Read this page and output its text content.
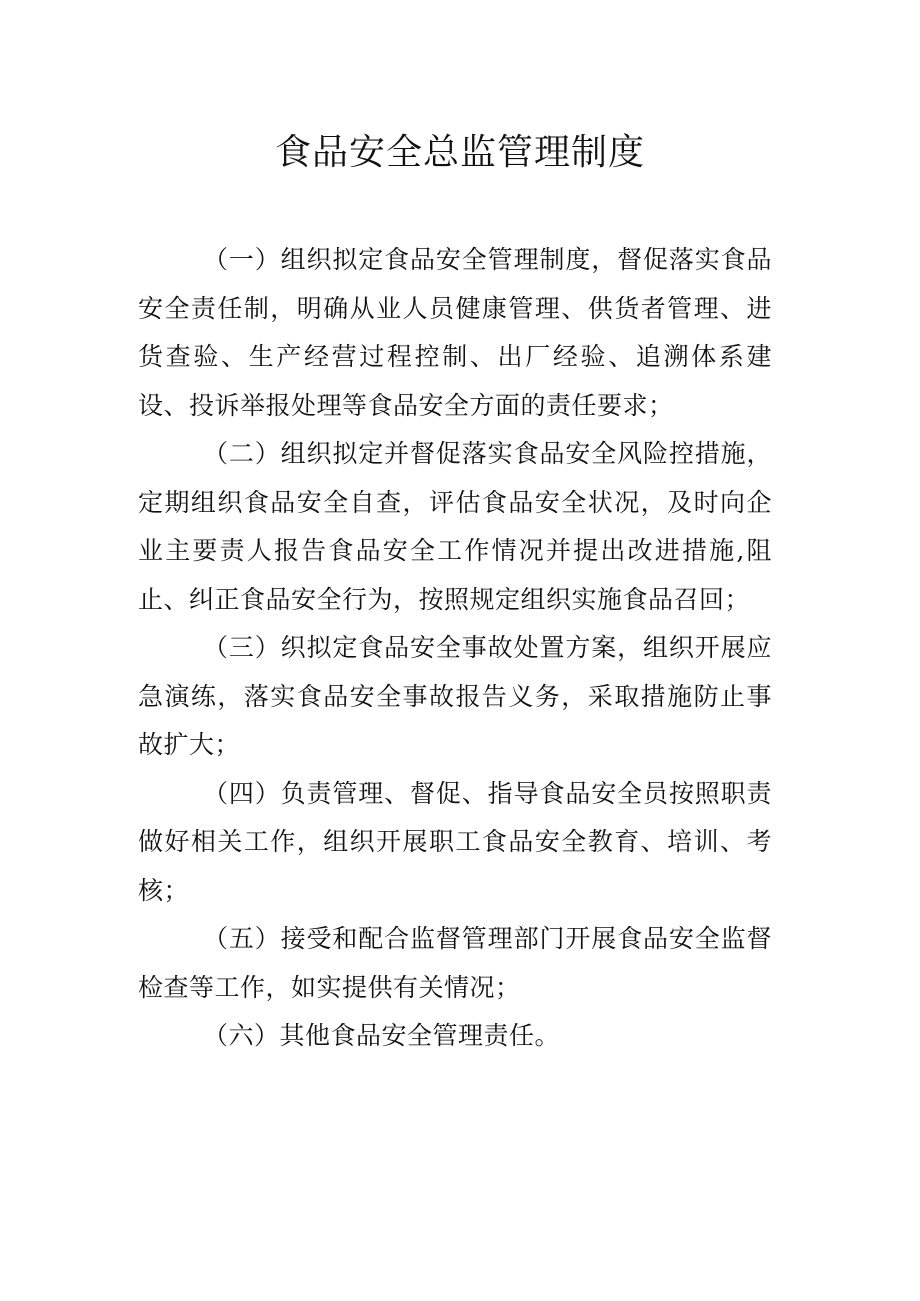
食品安全总监管理制度

（一）组织拟定食品安全管理制度，督促落实食品安全责任制，明确从业人员健康管理、供货者管理、进货查验、生产经营过程控制、出厂经验、追溯体系建设、投诉举报处理等食品安全方面的责任要求；

（二）组织拟定并督促落实食品安全风险控措施，定期组织食品安全自查，评估食品安全状况，及时向企业主要责人报告食品安全工作情况并提出改进措施,阻止、纠正食品安全行为，按照规定组织实施食品召回；

（三）织拟定食品安全事故处置方案，组织开展应急演练，落实食品安全事故报告义务，采取措施防止事故扩大；

（四）负责管理、督促、指导食品安全员按照职责做好相关工作，组织开展职工食品安全教育、培训、考核；

（五）接受和配合监督管理部门开展食品安全监督检查等工作，如实提供有关情况；

（六）其他食品安全管理责任。
